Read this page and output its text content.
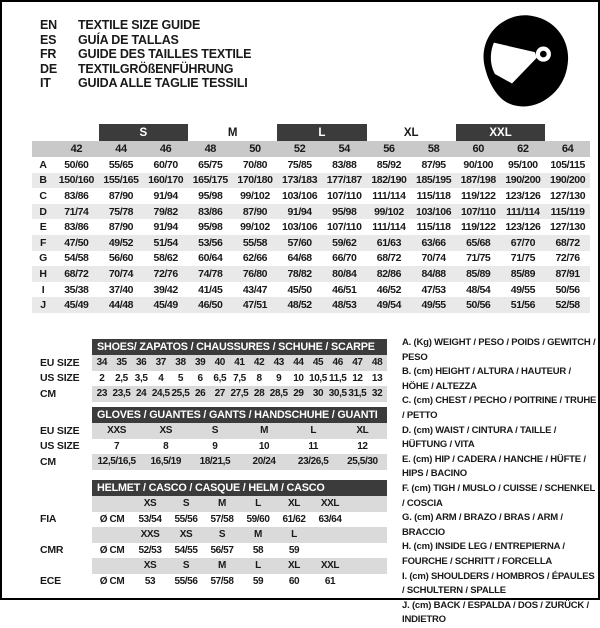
EN	TEXTILE SIZE GUIDE
ES	GUÍA DE TALLAS
FR	GUIDE DES TAILLES TEXTILE
DE	TEXTILGRÖßENFÜHRUNG
IT	GUIDA ALLE TAGLIE TESSILI
		S		M		L		XL		XXL		
	42	44	46	48	50	52	54	56	58	60	62	64
A	50/60	55/65	60/70	65/75	70/80	75/85	83/88	85/92	87/95	90/100	95/100	105/115
B	150/160	155/165	160/170	165/175	170/180	173/183	177/187	182/190	185/195	187/198	190/200	190/200
C	83/86	87/90	91/94	95/98	99/102	103/106	107/110	111/114	115/118	119/122	123/126	127/130
D	71/74	75/78	79/82	83/86	87/90	91/94	95/98	99/102	103/106	107/110	111/114	115/119
E	83/86	87/90	91/94	95/98	99/102	103/106	107/110	111/114	115/118	119/122	123/126	127/130
F	47/50	49/52	51/54	53/56	55/58	57/60	59/62	61/63	63/66	65/68	67/70	68/72
G	54/58	56/60	58/62	60/64	62/66	64/68	66/70	68/72	70/74	71/75	71/75	72/76
H	68/72	70/74	72/76	74/78	76/80	78/82	80/84	82/86	84/88	85/89	85/89	87/91
I	35/38	37/40	39/42	41/45	43/47	45/50	46/51	46/52	47/53	48/54	49/55	50/56
J	45/49	44/48	45/49	46/50	47/51	48/52	48/53	49/54	49/55	50/56	51/56	52/58
	SHOES/ ZAPATOS / CHAUSSURES / SCHUHE / SCARPE														
EU SIZE	34	35	36	37	38	39	40	41	42	43	44	45	46	47	48
US SIZE	2	2,5	3,5	4	5	6	6,5	7,5	8	9	10	10,5	11,5	12	13
CM	23	23,5	24	24,5	25,5	26	27	27,5	28	28,5	29	30	30,5	31,5	32
	GLOVES / GUANTES / GANTS / HANDSCHUHE / GUANTI					
EU SIZE	XXS	XS	S	M	L	XL
US SIZE	7	8	9	10	11	12
CM	12,5/16,5	16,5/19	18/21,5	20/24	23/26,5	25,5/30
	HELMET / CASCO / CASQUE / HELM / CASCO							
		XS	S	M	L	XL	XXL	
FIA	Ø CM	53/54	55/56	57/58	59/60	61/62	63/64	
		XXS	XS	S	M	L		
CMR	Ø CM	52/53	54/55	56/57	58	59		
		XS	S	M	L	XL	XXL	
ECE	Ø CM	53	55/56	57/58	59	60	61	
A. (Kg) WEIGHT / PESO / POIDS / GEWITCH / PESO
B. (cm) HEIGHT / ALTURA / HAUTEUR / HÖHE / ALTEZZA
C. (cm) CHEST / PECHO / POITRINE / TRUHE / PETTO
D. (cm) WAIST / CINTURA / TAILLE / HÜFTUNG / VITA
E. (cm) HIP / CADERA / HANCHE / HÜFTE / HIPS / BACINO
F. (cm) TIGH / MUSLO / CUISSE / SCHENKEL / COSCIA
G. (cm) ARM / BRAZO / BRAS / ARM / BRACCIO
H. (cm) INSIDE LEG / ENTREPIERNA / FOURCHE / SCHRITT / FORCELLA
I. (cm) SHOULDERS / HOMBROS / ÉPAULES / SCHULTERN / SPALLE
J. (cm) BACK / ESPALDA / DOS / ZURÜCK / INDIETRO
